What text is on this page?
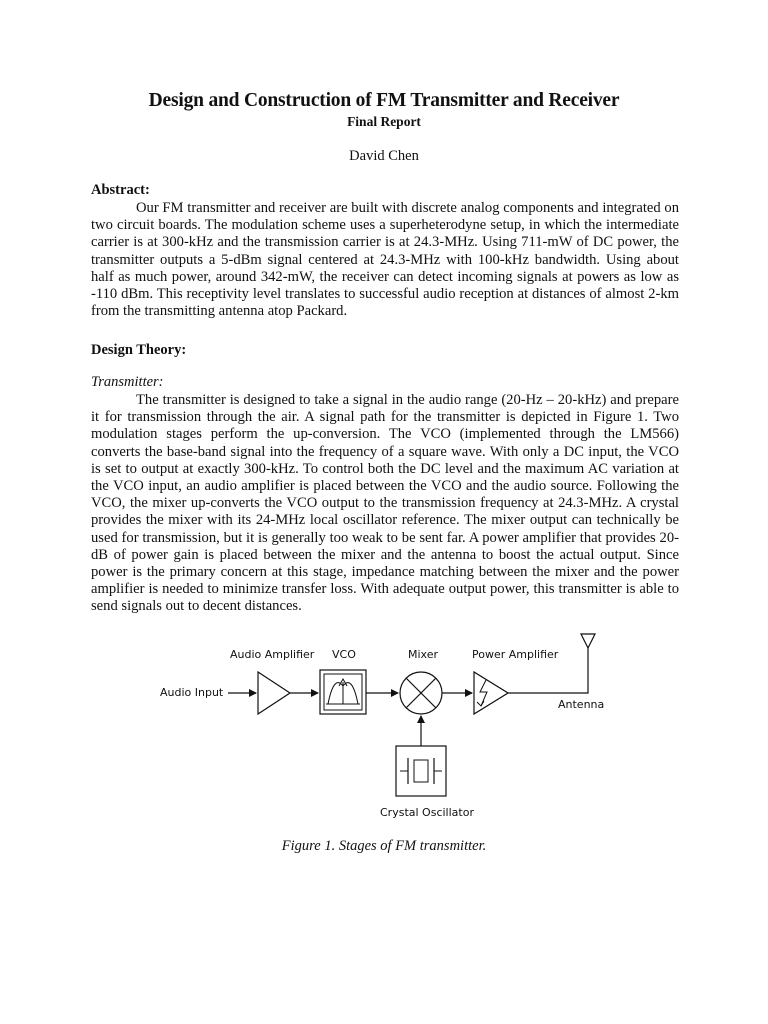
Design and Construction of FM Transmitter and Receiver
Final Report
David Chen
Abstract:

Our FM transmitter and receiver are built with discrete analog components and integrated on two circuit boards. The modulation scheme uses a superheterodyne setup, in which the intermediate carrier is at 300-kHz and the transmission carrier is at 24.3-MHz. Using 711-mW of DC power, the transmitter outputs a 5-dBm signal centered at 24.3-MHz with 100-kHz bandwidth. Using about half as much power, around 342-mW, the receiver can detect incoming signals at powers as low as -110 dBm. This receptivity level translates to successful audio reception at distances of almost 2-km from the transmitting antenna atop Packard.

Design Theory:
Transmitter:

The transmitter is designed to take a signal in the audio range (20-Hz – 20-kHz) and prepare it for transmission through the air. A signal path for the transmitter is depicted in Figure 1. Two modulation stages perform the up-conversion. The VCO (implemented through the LM566) converts the base-band signal into the frequency of a square wave. With only a DC input, the VCO is set to output at exactly 300-kHz. To control both the DC level and the maximum AC variation at the VCO input, an audio amplifier is placed between the VCO and the audio source. Following the VCO, the mixer up-converts the VCO output to the transmission frequency at 24.3-MHz. A crystal provides the mixer with its 24-MHz local oscillator reference. The mixer output can technically be used for transmission, but it is generally too weak to be sent far. A power amplifier that provides 20-dB of power gain is placed between the mixer and the antenna to boost the actual output. Since power is the primary concern at this stage, impedance matching between the mixer and the power amplifier is needed to minimize transfer loss. With adequate output power, this transmitter is able to send signals out to decent distances.

Audio Input
Audio Amplifier VCO	Mixer	Power Amplifier
Antenna
Crystal Oscillator
Figure 1. Stages of FM transmitter.
